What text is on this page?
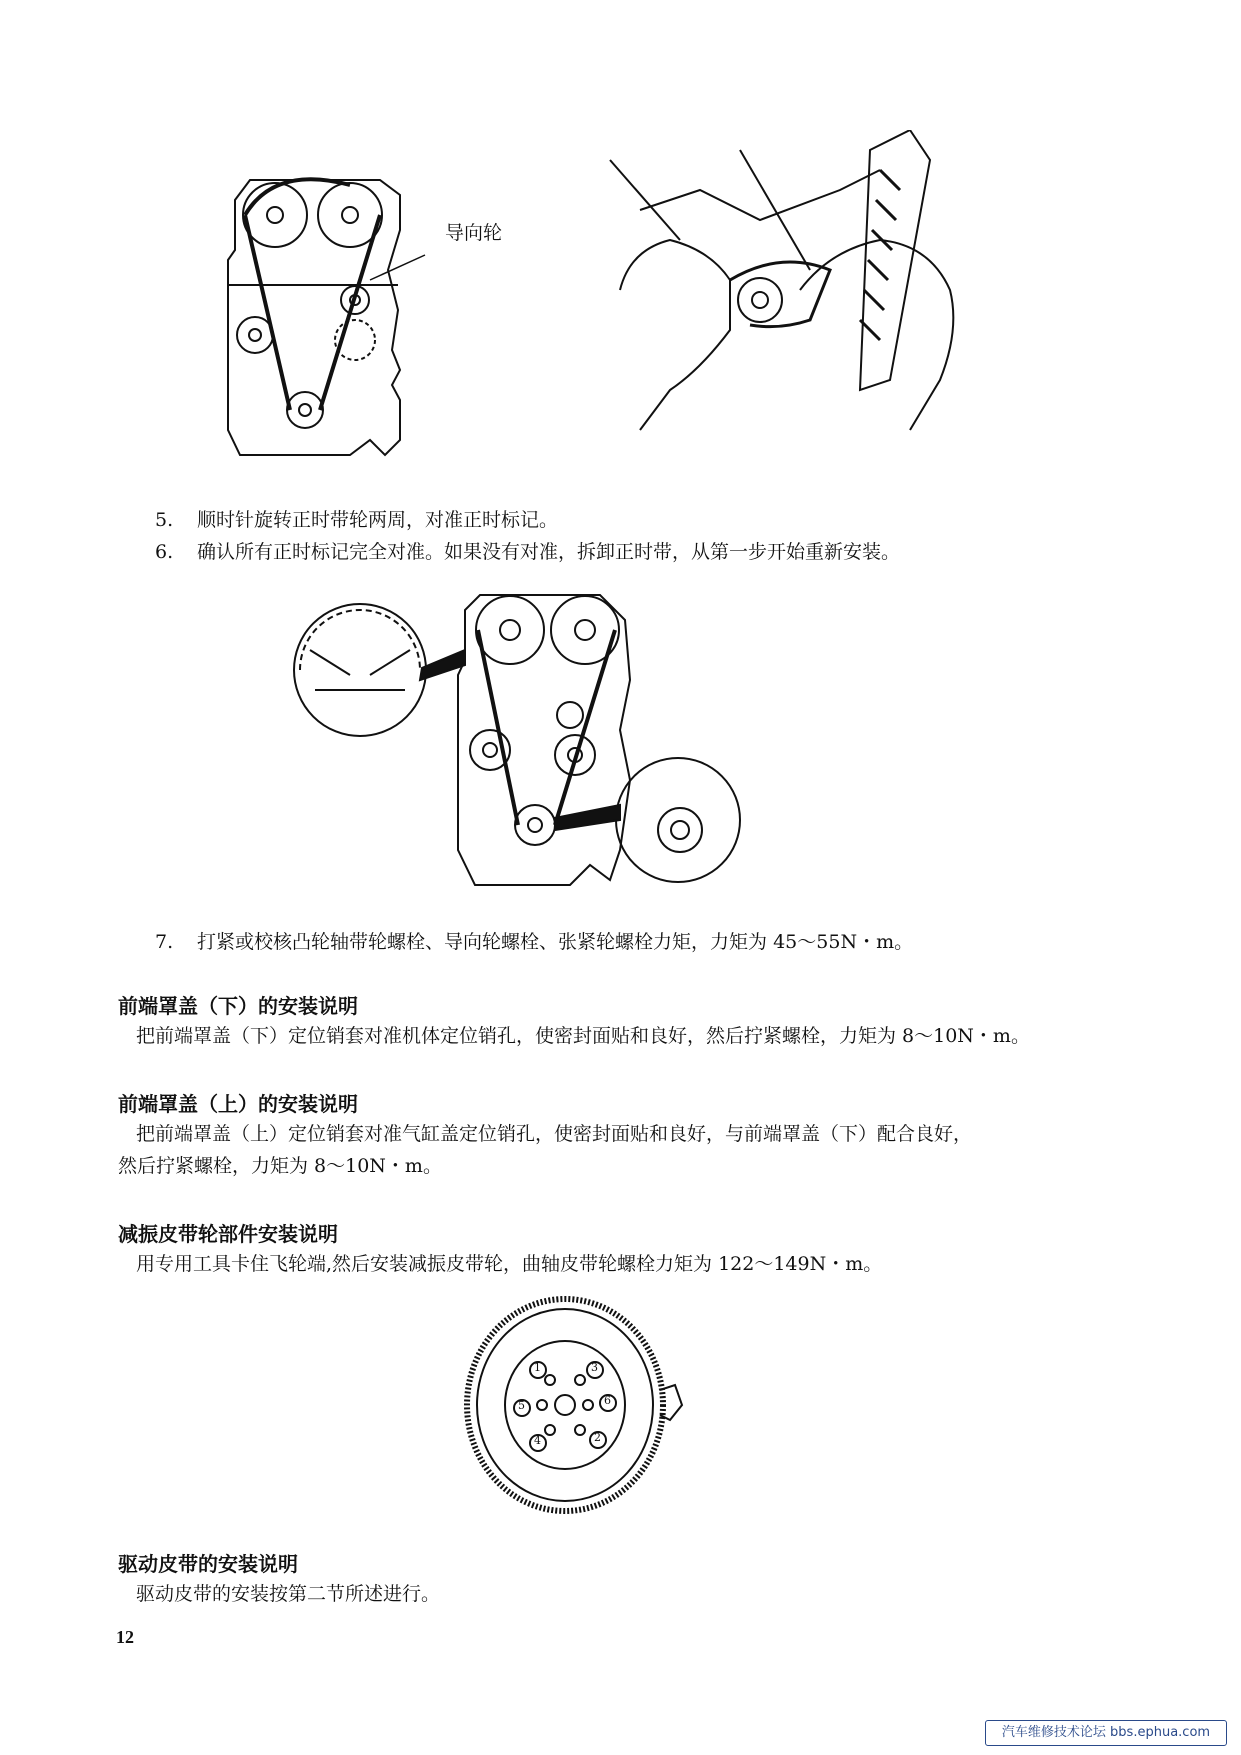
导向轮
5. 顺时针旋转正时带轮两周，对准正时标记。
6. 确认所有正时标记完全对准。如果没有对准，拆卸正时带，从第一步开始重新安装。
7. 打紧或校核凸轮轴带轮螺栓、导向轮螺栓、张紧轮螺栓力矩，力矩为 45～55N・m。
前端罩盖（下）的安装说明
把前端罩盖（下）定位销套对准机体定位销孔，使密封面贴和良好，然后拧紧螺栓，力矩为 8～10N・m。
前端罩盖（上）的安装说明
把前端罩盖（上）定位销套对准气缸盖定位销孔，使密封面贴和良好，与前端罩盖（下）配合良好，
然后拧紧螺栓，力矩为 8～10N・m。
减振皮带轮部件安装说明
用专用工具卡住飞轮端,然后安装减振皮带轮，曲轴皮带轮螺栓力矩为 122～149N・m。
1
2
3
4
5	6
驱动皮带的安装说明
驱动皮带的安装按第二节所述进行。
12
汽车维修技术论坛 bbs.ephua.com
